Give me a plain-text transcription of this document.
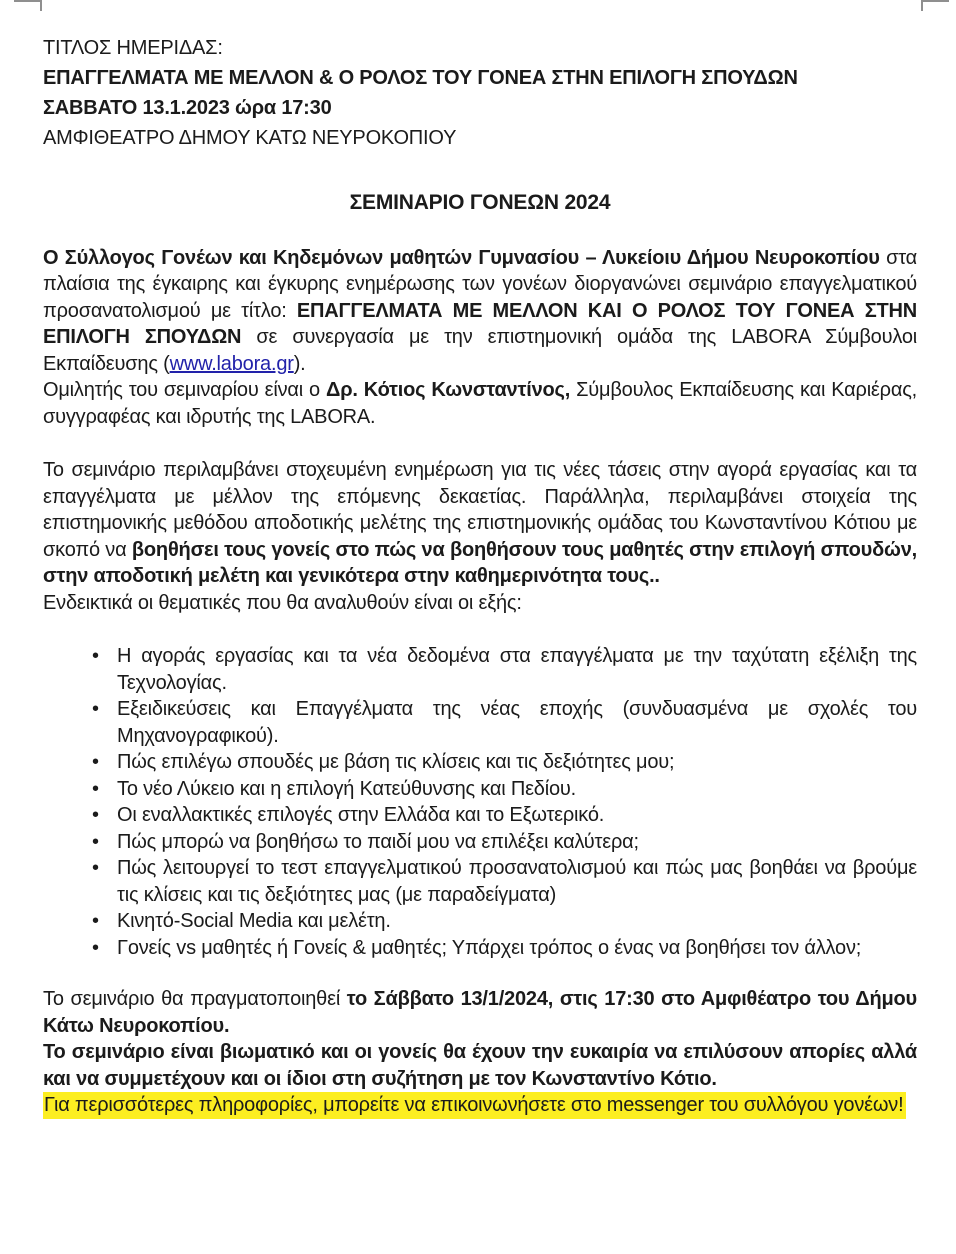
ΤΙΤΛΟΣ ΗΜΕΡΙΔΑΣ:
ΕΠΑΓΓΕΛΜΑΤΑ ΜΕ ΜΕΛΛΟΝ & Ο ΡΟΛΟΣ ΤΟΥ ΓΟΝΕΑ ΣΤΗΝ ΕΠΙΛΟΓΗ ΣΠΟΥΔΩΝ
ΣΑΒΒΑΤΟ 13.1.2023 ώρα 17:30
ΑΜΦΙΘΕΑΤΡΟ ΔΗΜΟΥ ΚΑΤΩ ΝΕΥΡΟΚΟΠΙΟΥ
ΣΕΜΙΝΑΡΙΟ ΓΟΝΕΩΝ 2024

Ο Σύλλογος Γονέων και Κηδεμόνων μαθητών Γυμνασίου – Λυκείοιυ Δήμου Νευροκοπίου στα πλαίσια της έγκαιρης και έγκυρης ενημέρωσης των γονέων διοργανώνει σεμινάριο επαγγελματικού προσανατολισμού με τίτλο: ΕΠΑΓΓΕΛΜΑΤΑ ΜΕ ΜΕΛΛΟΝ ΚΑΙ Ο ΡΟΛΟΣ ΤΟΥ ΓΟΝΕΑ ΣΤΗΝ ΕΠΙΛΟΓΗ ΣΠΟΥΔΩΝ σε συνεργασία με την επιστημονική ομάδα της LABORA Σύμβουλοι Εκπαίδευσης (www.labora.gr).

Ομιλητής του σεμιναρίου είναι ο Δρ. Κότιος Κωνσταντίνος, Σύμβουλος Εκπαίδευσης και Καριέρας, συγγραφέας και ιδρυτής της LABORA.

Το σεμινάριο περιλαμβάνει στοχευμένη ενημέρωση για τις νέες τάσεις στην αγορά εργασίας και τα επαγγέλματα με μέλλον της επόμενης δεκαετίας. Παράλληλα, περιλαμβάνει στοιχεία της επιστημονικής μεθόδου αποδοτικής μελέτης της επιστημονικής ομάδας του Κωνσταντίνου Κότιου με σκοπό να βοηθήσει τους γονείς στο πώς να βοηθήσουν τους μαθητές στην επιλογή σπουδών, στην αποδοτική μελέτη και γενικότερα στην καθημερινότητα τους..

Ενδεικτικά οι θεματικές που θα αναλυθούν είναι οι εξής:

• Η αγοράς εργασίας και τα νέα δεδομένα στα επαγγέλματα με την ταχύτατη εξέλιξη της Τεχνολογίας.
• Εξειδικεύσεις και Επαγγέλματα της νέας εποχής (συνδυασμένα με σχολές του Μηχανογραφικού).
• Πώς επιλέγω σπουδές με βάση τις κλίσεις και τις δεξιότητες μου;
• Το νέο Λύκειο και η επιλογή Κατεύθυνσης και Πεδίου.
• Οι εναλλακτικές επιλογές στην Ελλάδα και το Εξωτερικό.
• Πώς μπορώ να βοηθήσω το παιδί μου να επιλέξει καλύτερα;
• Πώς λειτουργεί το τεστ επαγγελματικού προσανατολισμού και πώς μας βοηθάει να βρούμε τις κλίσεις και τις δεξιότητες μας (με παραδείγματα)
• Κινητό-Social Media και μελέτη.
• Γονείς vs μαθητές ή Γονείς & μαθητές; Υπάρχει τρόπος ο ένας να βοηθήσει τον άλλον;

Το σεμινάριο θα πραγματοποιηθεί το Σάββατο 13/1/2024, στις 17:30 στο Αμφιθέατρο του Δήμου Κάτω Νευροκοπίου.

Το σεμινάριο είναι βιωματικό και οι γονείς θα έχουν την ευκαιρία να επιλύσουν απορίες αλλά και να συμμετέχουν και οι ίδιοι στη συζήτηση με τον Κωνσταντίνο Κότιο.

Για περισσότερες πληροφορίες, μπορείτε να επικοινωνήσετε στο messenger του συλλόγου γονέων!
